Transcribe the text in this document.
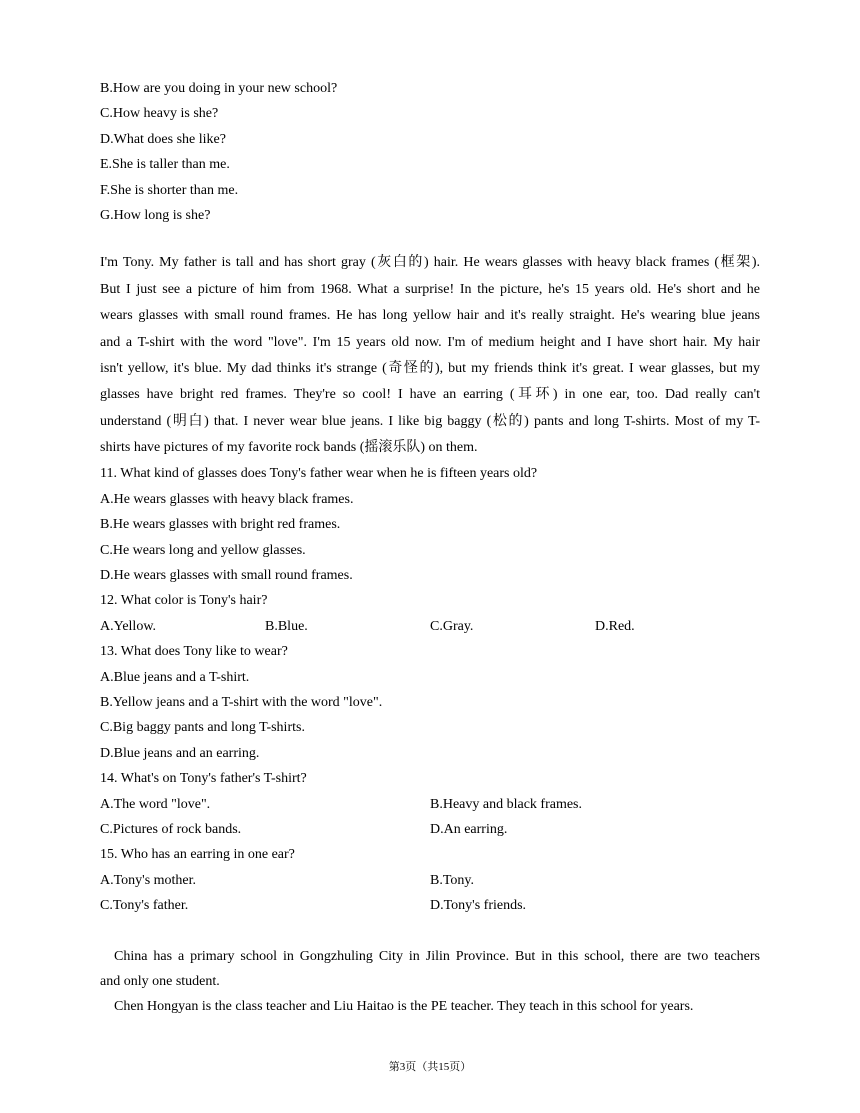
B.How are you doing in your new school?
C.How heavy is she?
D.What does she like?
E.She is taller than me.
F.She is shorter than me.
G.How long is she?
I'm Tony. My father is tall and has short gray (灰白的) hair. He wears glasses with heavy black frames (框架).
But I just see a picture of him from 1968. What a surprise! In the picture, he's 15 years old. He's short and he
wears glasses with small round frames. He has long yellow hair and it's really straight. He's wearing blue jeans
and a T-shirt with the word "love". I'm 15 years old now. I'm of medium height and I have short hair. My hair
isn't yellow, it's blue. My dad thinks it's strange (奇怪的), but my friends think it's great. I wear glasses, but my
glasses have bright red frames. They're so cool! I have an earring (耳环) in one ear, too. Dad really can't
understand (明白) that. I never wear blue jeans. I like big baggy (松的) pants and long T-shirts. Most of my T-
shirts have pictures of my favorite rock bands (摇滚乐队) on them.
11. What kind of glasses does Tony's father wear when he is fifteen years old?
A.He wears glasses with heavy black frames.
B.He wears glasses with bright red frames.
C.He wears long and yellow glasses.
D.He wears glasses with small round frames.
12. What color is Tony's hair?
A.Yellow.	B.Blue.	C.Gray.	D.Red.
13. What does Tony like to wear?
A.Blue jeans and a T-shirt.
B.Yellow jeans and a T-shirt with the word "love".
C.Big baggy pants and long T-shirts.
D.Blue jeans and an earring.
14. What's on Tony's father's T-shirt?
A.The word "love".	B.Heavy and black frames.
C.Pictures of rock bands.	D.An earring.
15. Who has an earring in one ear?
A.Tony's mother.	B.Tony.
C.Tony's father.	D.Tony's friends.
China has a primary school in Gongzhuling City in Jilin Province. But in this school, there are two teachers
and only one student.
Chen Hongyan is the class teacher and Liu Haitao is the PE teacher. They teach in this school for years.
第3页（共15页）
